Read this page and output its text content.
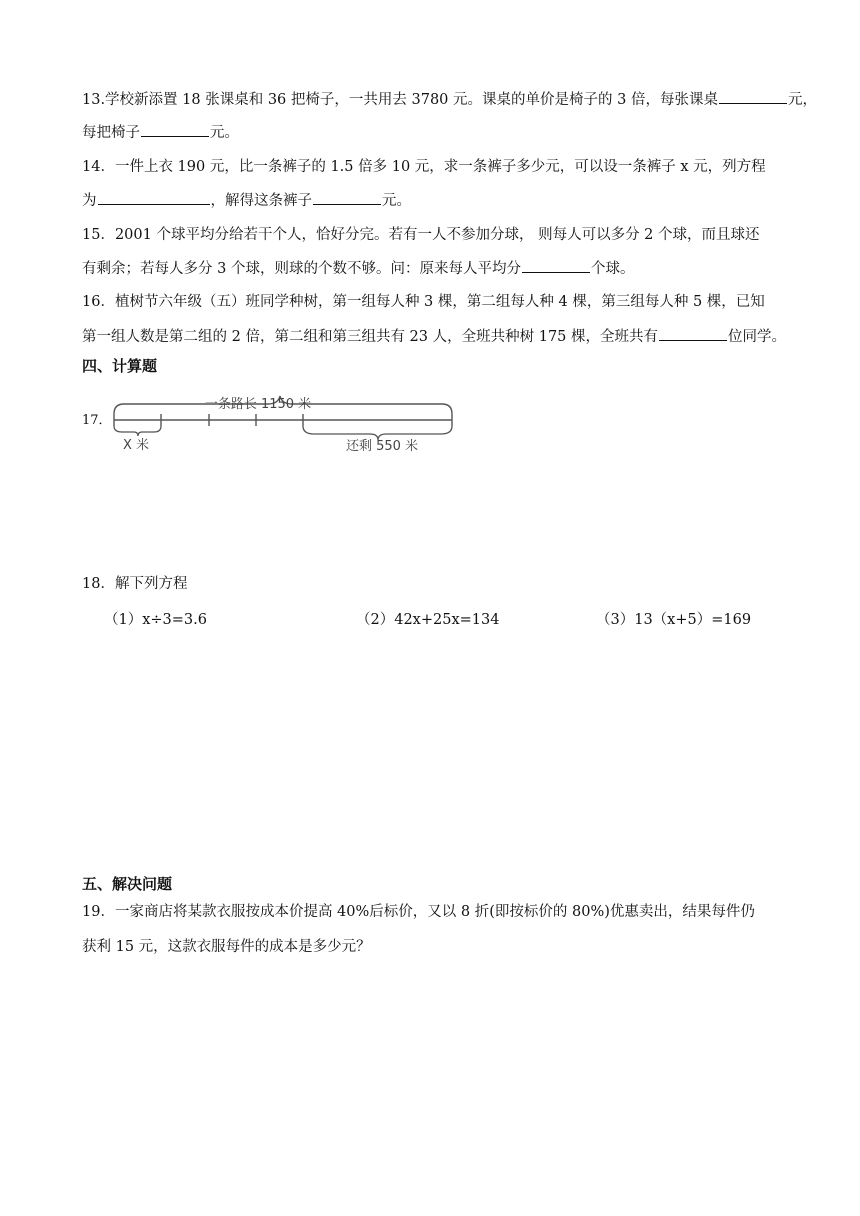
13.学校新添置 18 张课桌和 36 把椅子，一共用去 3780 元。课桌的单价是椅子的 3 倍，每张课桌	元，
每把椅子	元。
14．一件上衣 190 元，比一条裤子的 1.5 倍多 10 元，求一条裤子多少元，可以设一条裤子 x 元，列方程
为	，解得这条裤子	元。
15．2001 个球平均分给若干个人，恰好分完。若有一人不参加分球， 则每人可以多分 2 个球，而且球还
有剩余；若每人多分 3 个球，则球的个数不够。问：原来每人平均分	个球。
16．植树节六年级（五）班同学种树，第一组每人种 3 棵，第二组每人种 4 棵，第三组每人种 5 棵，已知
第一组人数是第二组的 2 倍，第二组和第三组共有 23 人，全班共种树 175 棵，全班共有	位同学。
四、计算题
17．
一条路长 1150 米
X 米	还剩 550 米
18．解下列方程
（1）x÷3=3.6	（2）42x+25x=134	（3）13（x+5）=169
五、解决问题
19．一家商店将某款衣服按成本价提高 40%后标价，又以 8 折(即按标价的 80%)优惠卖出，结果每件仍
获利 15 元，这款衣服每件的成本是多少元？
